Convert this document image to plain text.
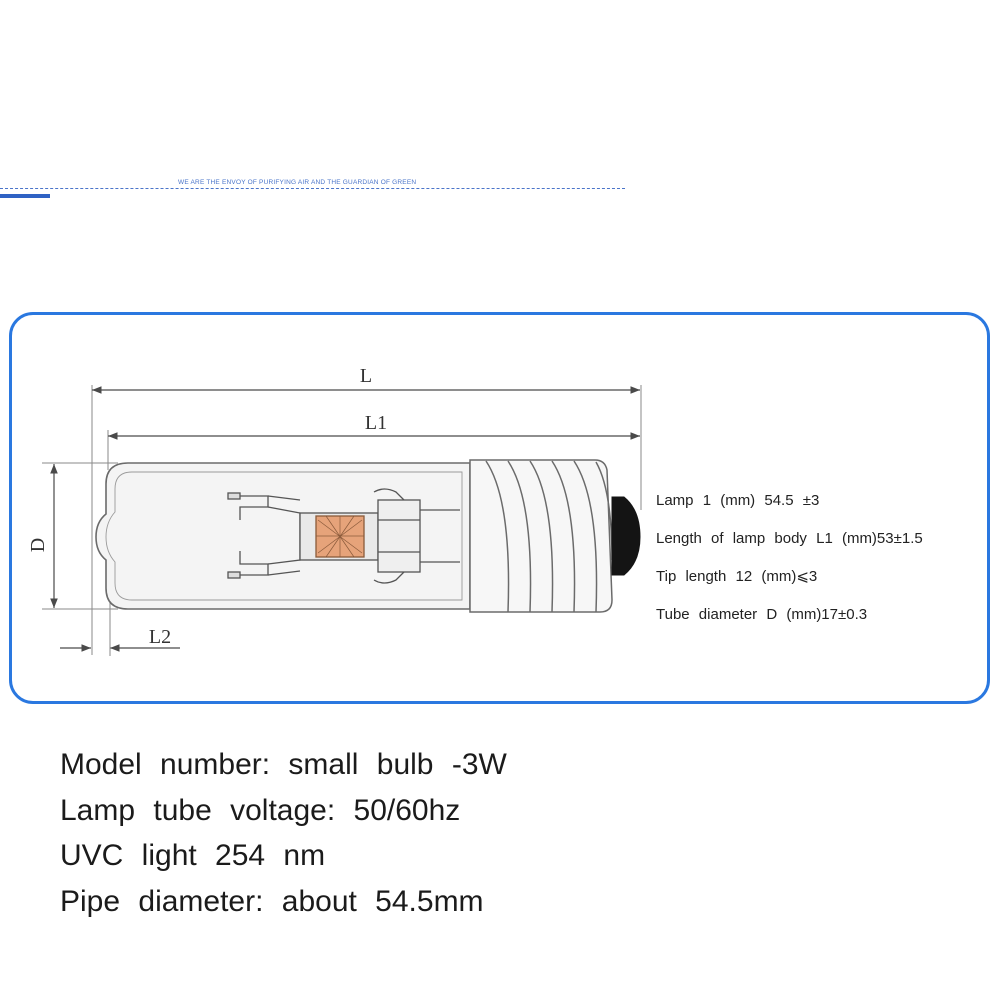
WE ARE THE ENVOY OF PURIFYING AIR AND THE GUARDIAN OF GREEN
L
L1
D
L2
Lamp 1 (mm) 54.5 ±3
Length of lamp body L1 (mm)53±1.5
Tip length 12 (mm)⩽3
Tube diameter D (mm)17±0.3
Model number: small bulb -3W
Lamp tube voltage: 50/60hz
UVC light 254 nm
Pipe diameter: about 54.5mm
